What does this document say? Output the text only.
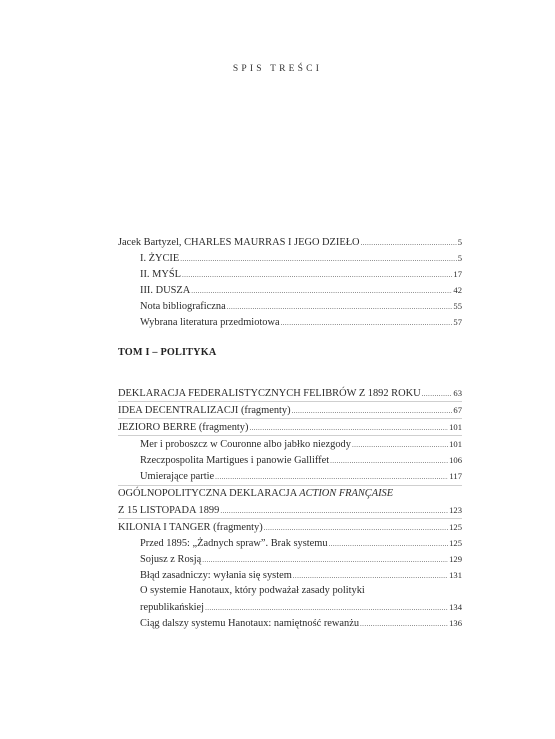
SPIS TREŚCI
Jacek Bartyzel, CHARLES MAURRAS I JEGO DZIEŁO .....	5
I. ŻYCIE .....	5
II. MYŚL .....	17
III. DUSZA .....	42
Nota bibliograficzna .....	55
Wybrana literatura przedmiotowa .....	57
TOM I – POLITYKA
DEKLARACJA FEDERALISTYCZNYCH FELIBRÓW Z 1892 ROKU .....	63
IDEA DECENTRALIZACJI (fragmenty) .....	67
JEZIORO BERRE (fragmenty) .....	101
Mer i proboszcz w Couronne albo jabłko niezgody .....	101
Rzeczpospolita Martigues i panowie Galliffet .....	106
Umierające partie .....	117
OGÓLNOPOLITYCZNA DEKLARACJA ACTION FRANÇAISE
Z 15 LISTOPADA 1899 .....	123
KILONIA I TANGER (fragmenty) .....	125
Przed 1895: „Żadnych spraw”. Brak systemu .....	125
Sojusz z Rosją .....	129
Błąd zasadniczy: wyłania się system .....	131
O systemie Hanotaux, który podważał zasady polityki
republikańskiej .....	134
Ciąg dalszy systemu Hanotaux: namiętność rewanżu .....	136
